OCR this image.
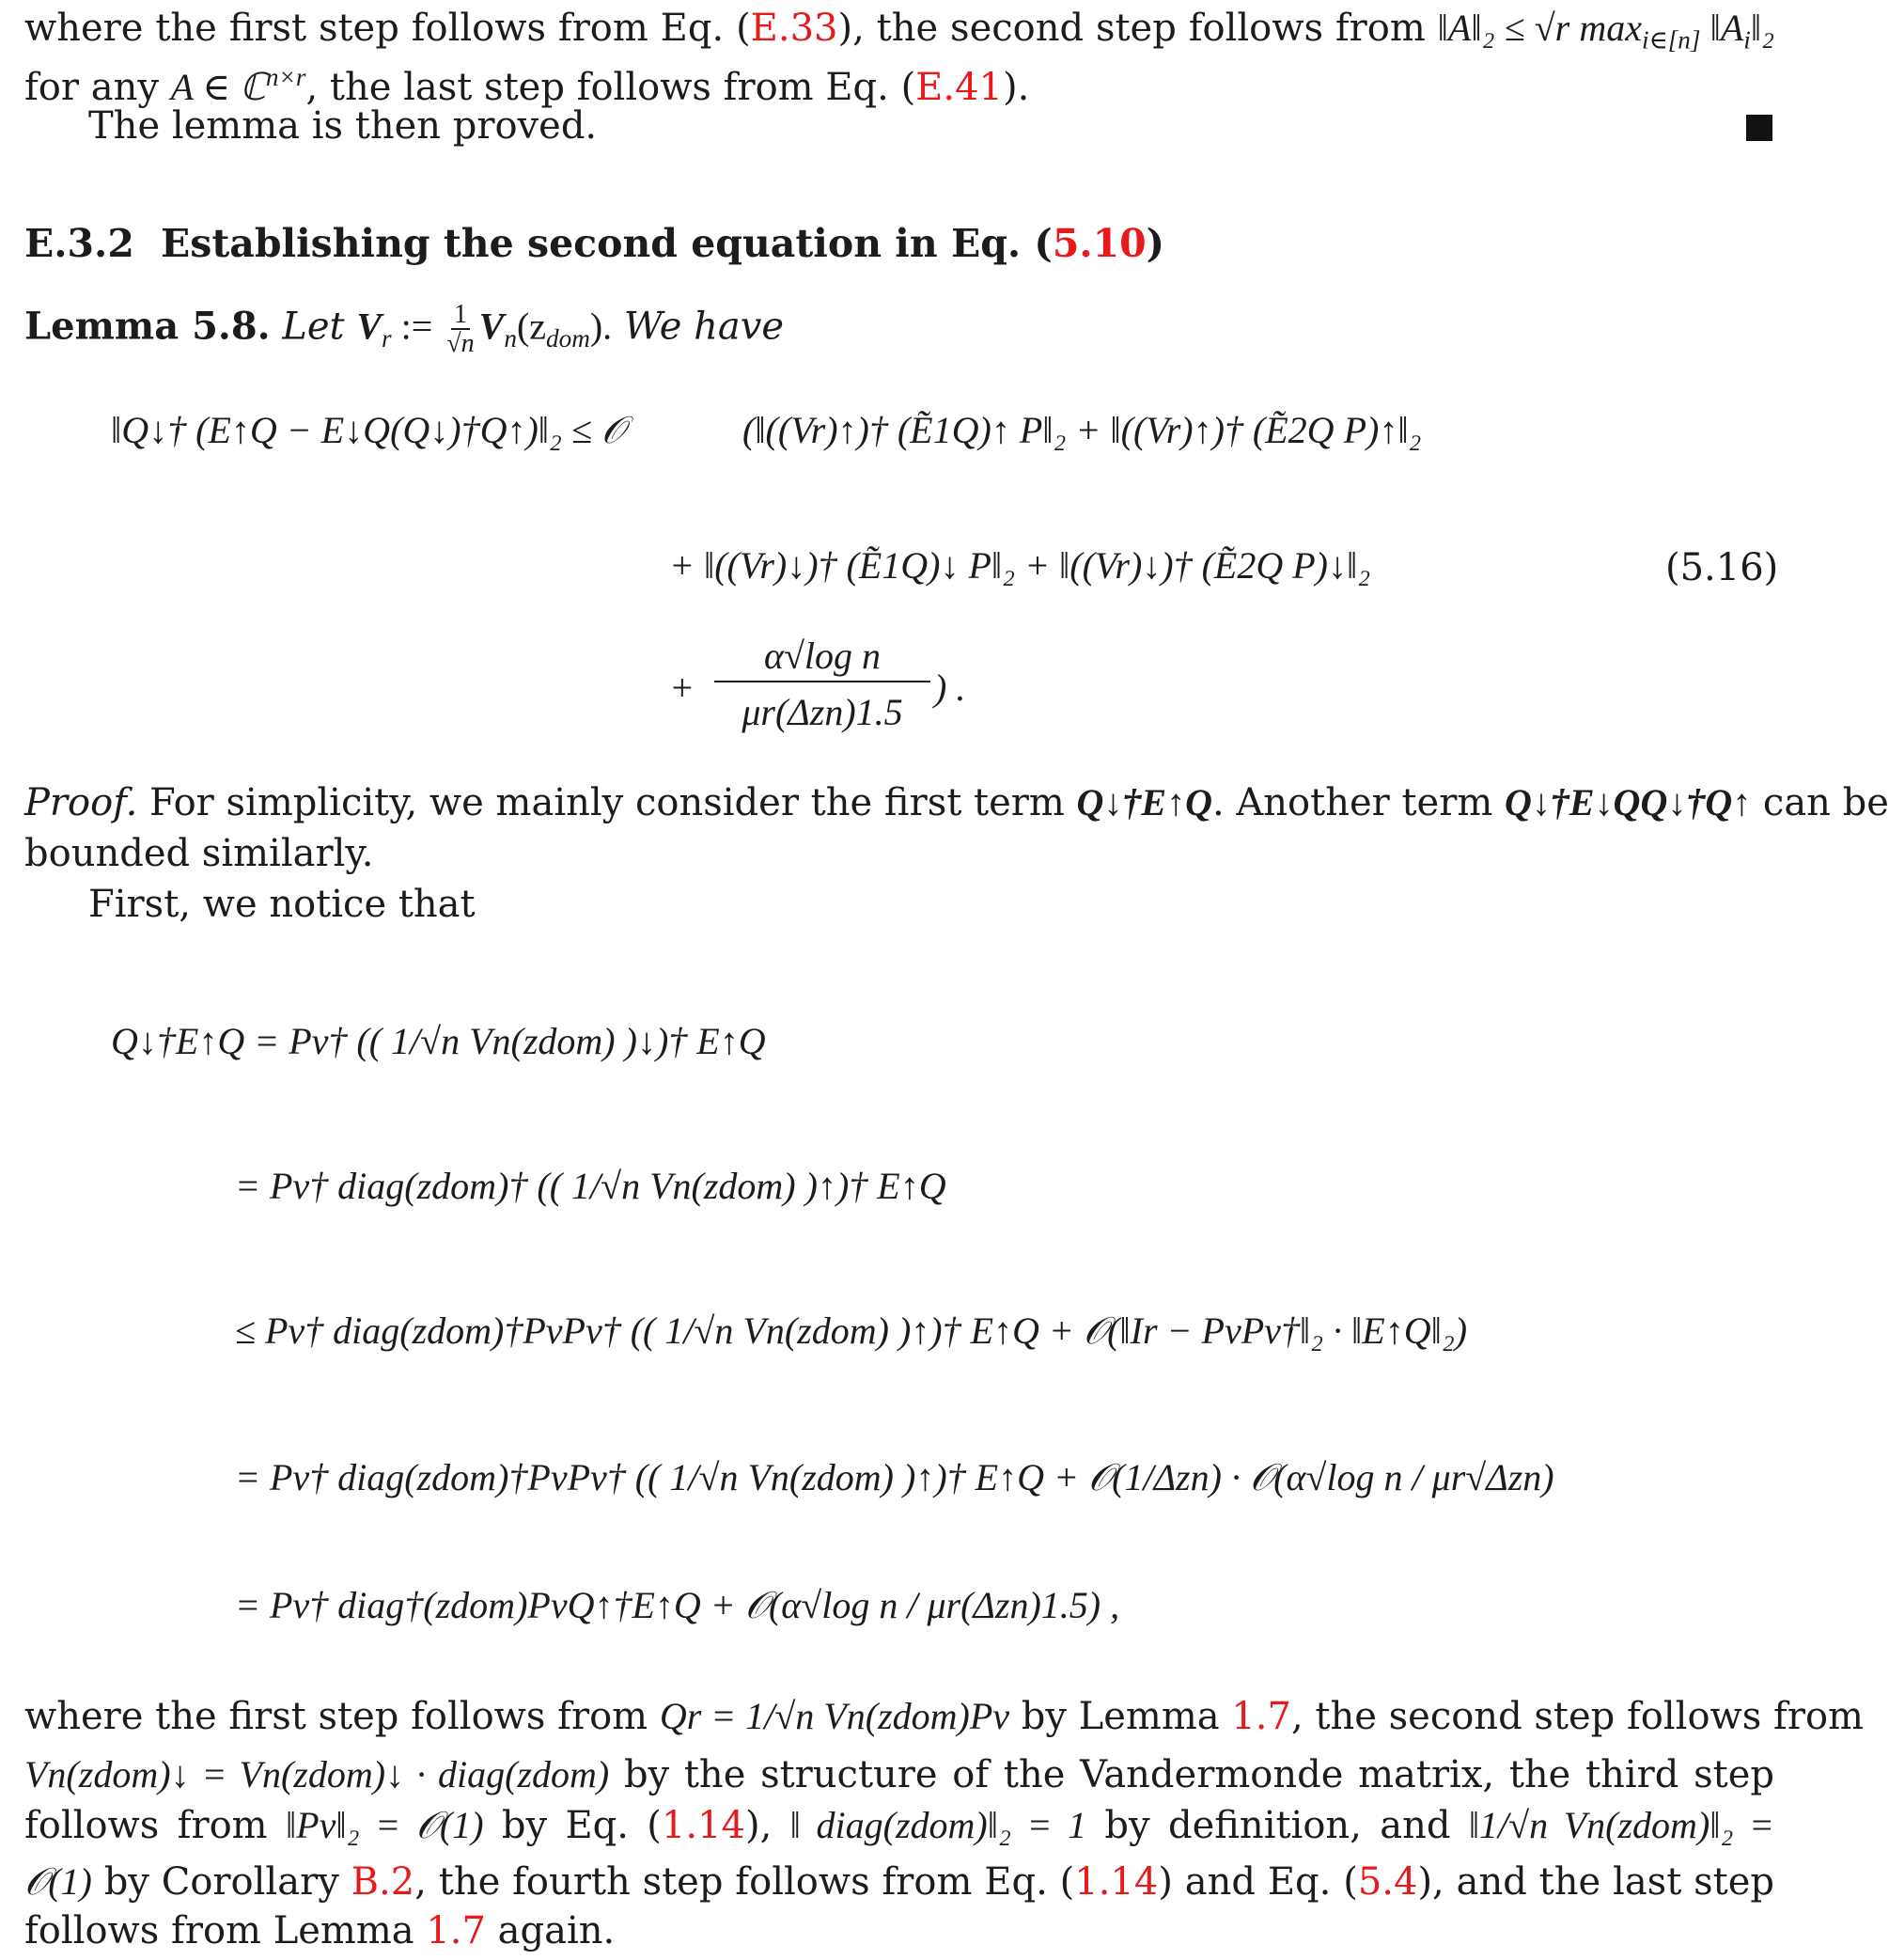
where the first step follows from Eq. (E.33), the second step follows from ‖A‖₂ ≤ √r $\max_{i\in[n]}$ $‖A_i‖_2$
for any A ∈ ℂ$^{n\times r}$, the last step follows from Eq. (E.41).
The lemma is then proved.
E.3.2 Establishing the second equation in Eq. (5.10)
Lemma 5.8. Let $V_r$ := $\frac{1}{√n} V_n(z_{dom})$. We have
‖Q↓† (E↑Q − E↓Q(Q↓)†Q↑)‖₂ ≤ 𝒪	(‖((Vr)↑)† (Ẽ1Q)↑ P‖₂ + ‖((Vr)↑)† (Ẽ2Q P)↑‖₂
+ ‖((Vr)↓)† (Ẽ1Q)↓ P‖₂ + ‖((Vr)↓)† (Ẽ2Q P)↓‖₂
+
α√log n
μr(Δzn)1.5
) .
(5.16)
Proof. For simplicity, we mainly consider the first term Q↓†E↑Q. Another term Q↓†E↓QQ↓†Q↑ can be
bounded similarly.
First, we notice that
Q↓†E↑Q = Pv† (( 1/√n Vn(zdom) )↓)† E↑Q
= Pv† diag(zdom)† (( 1/√n Vn(zdom) )↑)† E↑Q
≤ Pv† diag(zdom)†PvPv† (( 1/√n Vn(zdom) )↑)† E↑Q + 𝒪(‖Ir − PvPv†‖₂ · ‖E↑Q‖₂)
= Pv† diag(zdom)†PvPv† (( 1/√n Vn(zdom) )↑)† E↑Q + 𝒪(1/Δzn) · 𝒪(α√log n / μr√Δzn)
= Pv† diag†(zdom)PvQ↑†E↑Q + 𝒪(α√log n / μr(Δzn)1.5) ,
where the first step follows from Qr = 1/√n Vn(zdom)Pv by Lemma 1.7, the second step follows from
Vn(zdom)↓ = Vn(zdom)↓ · diag(zdom) by the structure of the Vandermonde matrix, the third step
follows from ‖Pv‖₂ = 𝒪(1) by Eq. (1.14), ‖ diag(zdom)‖₂ = 1 by definition, and ‖1/√n Vn(zdom)‖₂ =
𝒪(1) by Corollary B.2, the fourth step follows from Eq. (1.14) and Eq. (5.4), and the last step
follows from Lemma 1.7 again.
